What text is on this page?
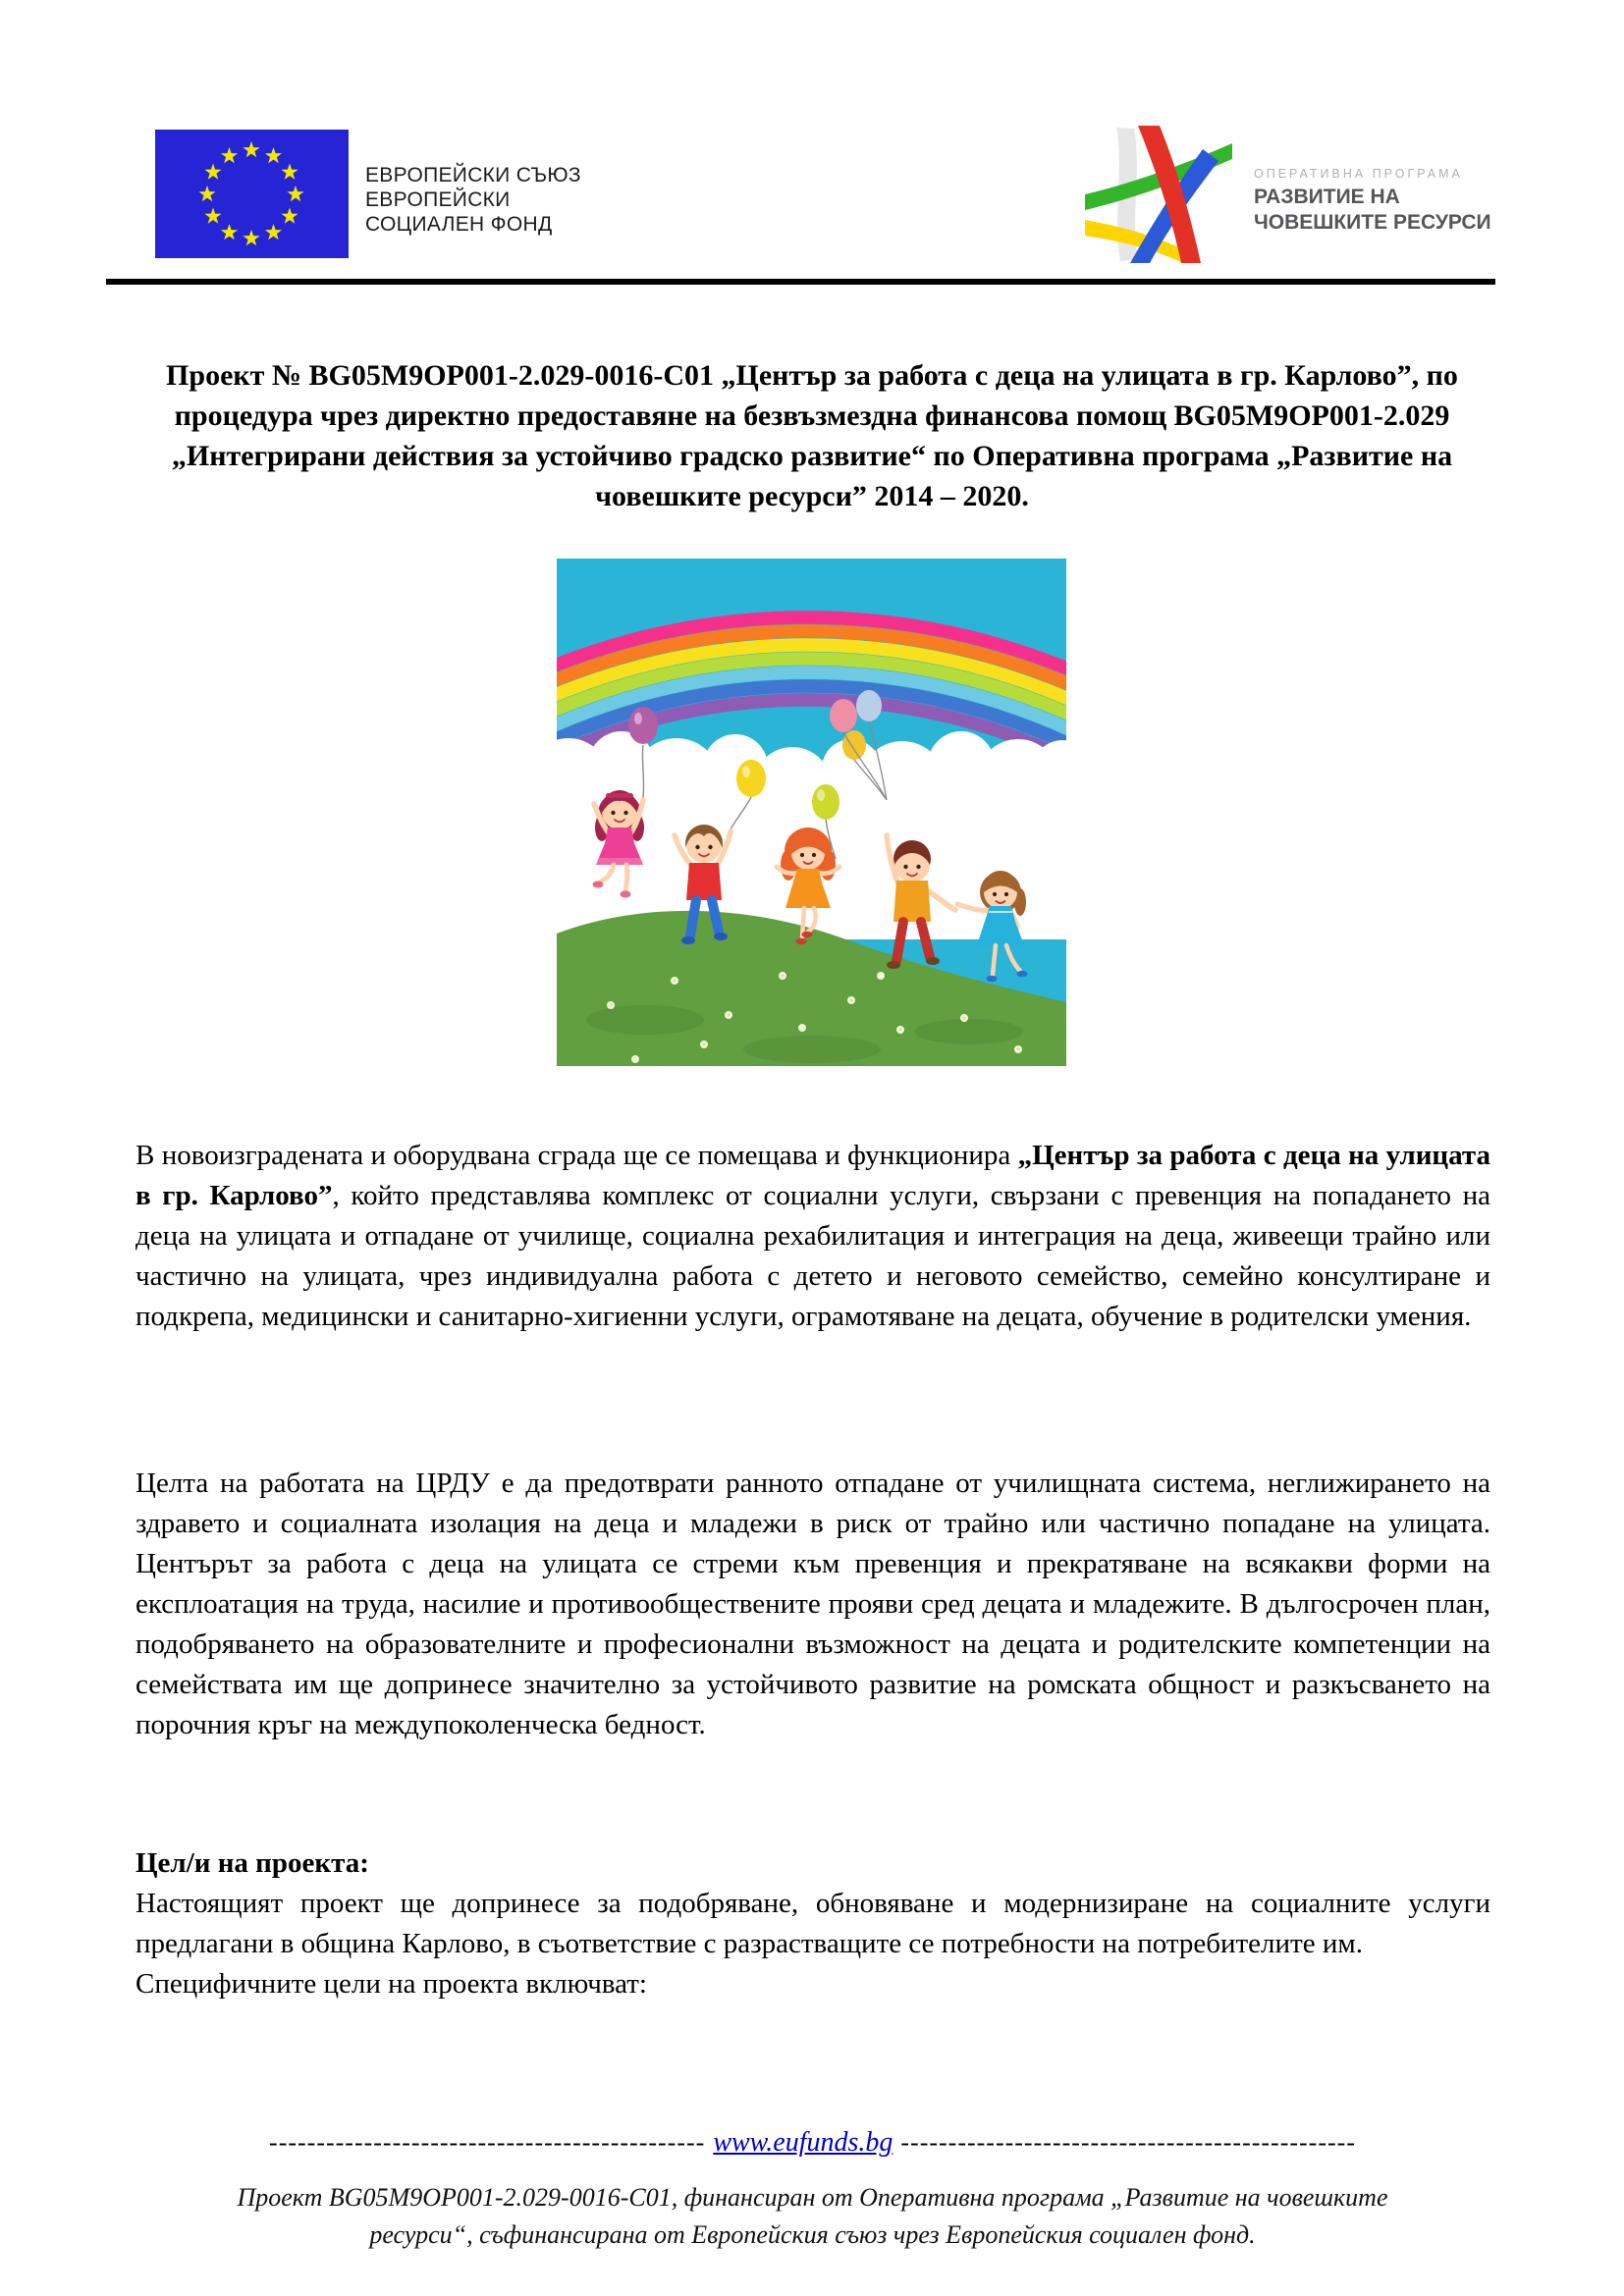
ЕВРОПЕЙСКИ СЪЮЗ
ЕВРОПЕЙСКИ
СОЦИАЛЕН ФОНД
ОПЕРАТИВНА ПРОГРАМА
РАЗВИТИЕ НА
ЧОВЕШКИТЕ РЕСУРСИ
Проект № BG05M9OP001-2.029-0016-C01 „Център за работа с деца на улицата в гр. Карлово”, по процедура чрез директно предоставяне на безвъзмездна финансова помощ BG05M9OP001-2.029 „Интегрирани действия за устойчиво градско развитие“ по Оперативна програма „Развитие на човешките ресурси” 2014 – 2020.

В новоизградената и оборудвана сграда ще се помещава и функционира „Център за работа с деца на улицата в гр. Карлово”, който представлява комплекс от социални услуги, свързани с превенция на попадането на деца на улицата и отпадане от училище, социална рехабилитация и интеграция на деца, живеещи трайно или частично на улицата, чрез индивидуална работа с детето и неговото семейство, семейно консултиране и подкрепа, медицински и санитарно-хигиенни услуги, ограмотяване на децата, обучение в родителски умения.

Целта на работата на ЦРДУ е да предотврати ранното отпадане от училищната система, неглижирането на здравето и социалната изолация на деца и младежи в риск от трайно или частично попадане на улицата. Центърът за работа с деца на улицата се стреми към превенция и прекратяване на всякакви форми на експлоатация на труда, насилие и противообществените прояви сред децата и младежите. В дългосрочен план, подобряването на образователните и професионални възможност на децата и родителските компетенции на семействата им ще допринесе значително за устойчивото развитие на ромската общност и разкъсването на порочния кръг на междупоколенческа бедност.

Цел/и на проекта:
Настоящият проект ще допринесе за подобряване, обновяване и модернизиране на социалните услуги предлагани в община Карлово, в съответствие с разрастващите се потребности на потребителите им.
Специфичните цели на проекта включват:
---------------------------------------------- www.eufunds.bg ------------------------------------------------
Проект BG05M9OP001-2.029-0016-C01, финансиран от Оперативна програма „Развитие на човешките ресурси“, съфинансирана от Европейския съюз чрез Европейския социален фонд.
